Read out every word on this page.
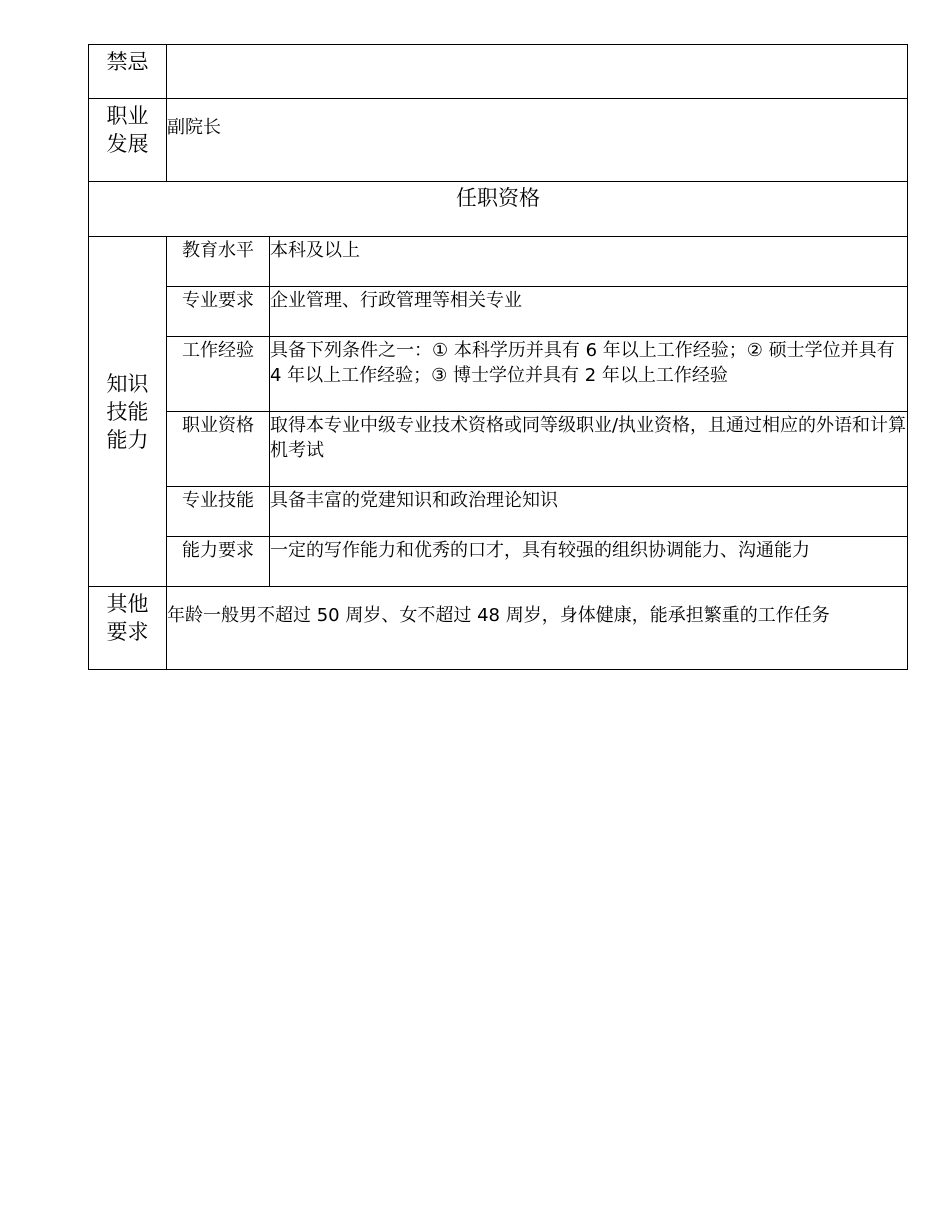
禁忌		

职业
发展	副院长	
任职资格		

知识
技能
能力	教育水平	本科及以上
	专业要求	企业管理、行政管理等相关专业
	工作经验	具备下列条件之一：① 本科学历并具有 6 年以上工作经验；② 硕士学位并具有 4 年以上工作经验；③ 博士学位并具有 2 年以上工作经验
	职业资格	取得本专业中级专业技术资格或同等级职业/执业资格，且通过相应的外语和计算机考试
	专业技能	具备丰富的党建知识和政治理论知识
	能力要求	一定的写作能力和优秀的口才，具有较强的组织协调能力、沟通能力

其他
要求	年龄一般男不超过 50 周岁、女不超过 48 周岁，身体健康，能承担繁重的工作任务	
